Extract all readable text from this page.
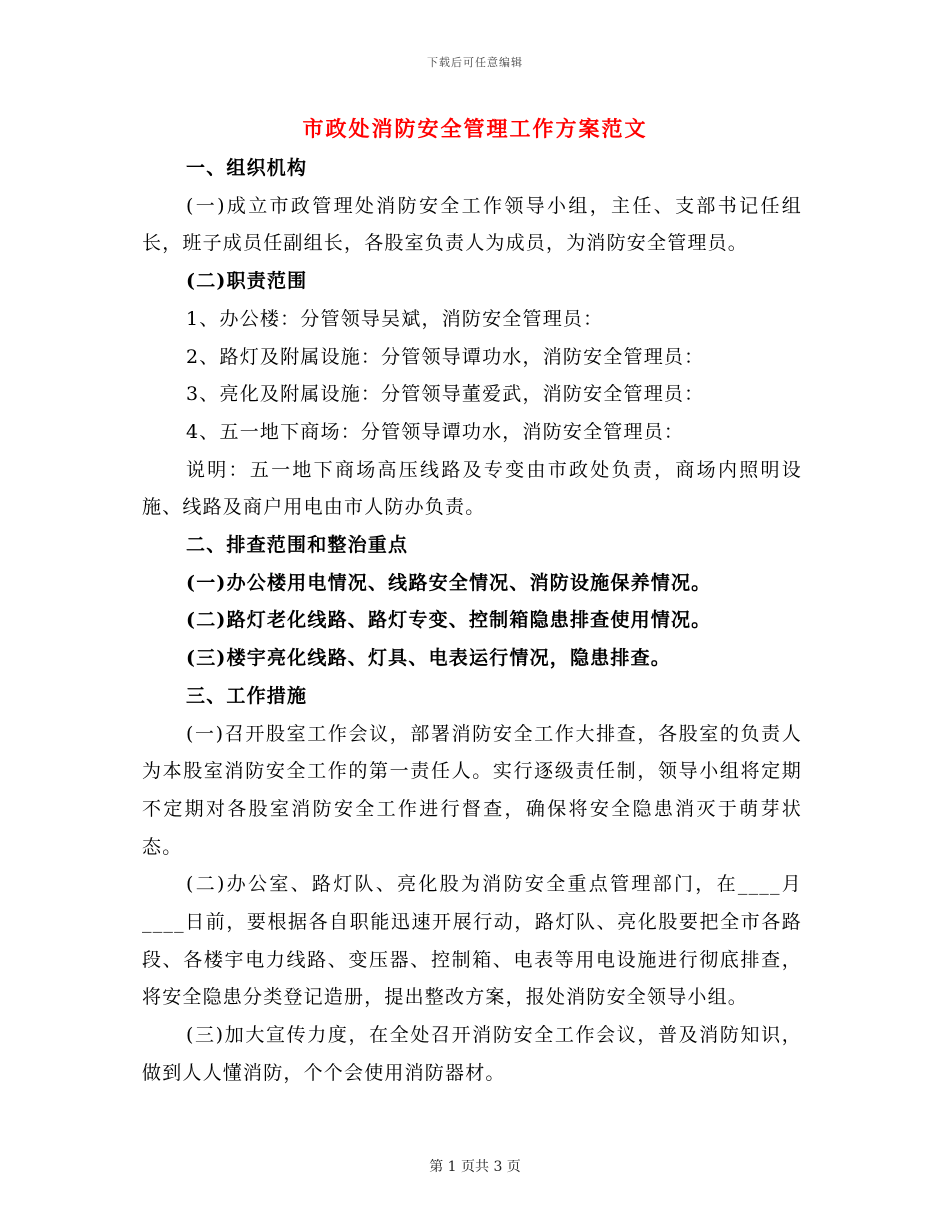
下载后可任意编辑
市政处消防安全管理工作方案范文

一、组织机构

(一)成立市政管理处消防安全工作领导小组，主任、支部书记任组长，班子成员任副组长，各股室负责人为成员，为消防安全管理员。

(二)职责范围

1、办公楼：分管领导吴斌，消防安全管理员：

2、路灯及附属设施：分管领导谭功水，消防安全管理员：

3、亮化及附属设施：分管领导董爱武，消防安全管理员：

4、五一地下商场：分管领导谭功水，消防安全管理员：

说明：五一地下商场高压线路及专变由市政处负责，商场内照明设施、线路及商户用电由市人防办负责。

二、排查范围和整治重点

(一)办公楼用电情况、线路安全情况、消防设施保养情况。

(二)路灯老化线路、路灯专变、控制箱隐患排查使用情况。

(三)楼宇亮化线路、灯具、电表运行情况，隐患排查。

三、工作措施

(一)召开股室工作会议，部署消防安全工作大排查，各股室的负责人为本股室消防安全工作的第一责任人。实行逐级责任制，领导小组将定期不定期对各股室消防安全工作进行督查，确保将安全隐患消灭于萌芽状态。

(二)办公室、路灯队、亮化股为消防安全重点管理部门，在____月____日前，要根据各自职能迅速开展行动，路灯队、亮化股要把全市各路段、各楼宇电力线路、变压器、控制箱、电表等用电设施进行彻底排查，将安全隐患分类登记造册，提出整改方案，报处消防安全领导小组。

(三)加大宣传力度，在全处召开消防安全工作会议，普及消防知识，做到人人懂消防，个个会使用消防器材。

第 1 页共 3 页
